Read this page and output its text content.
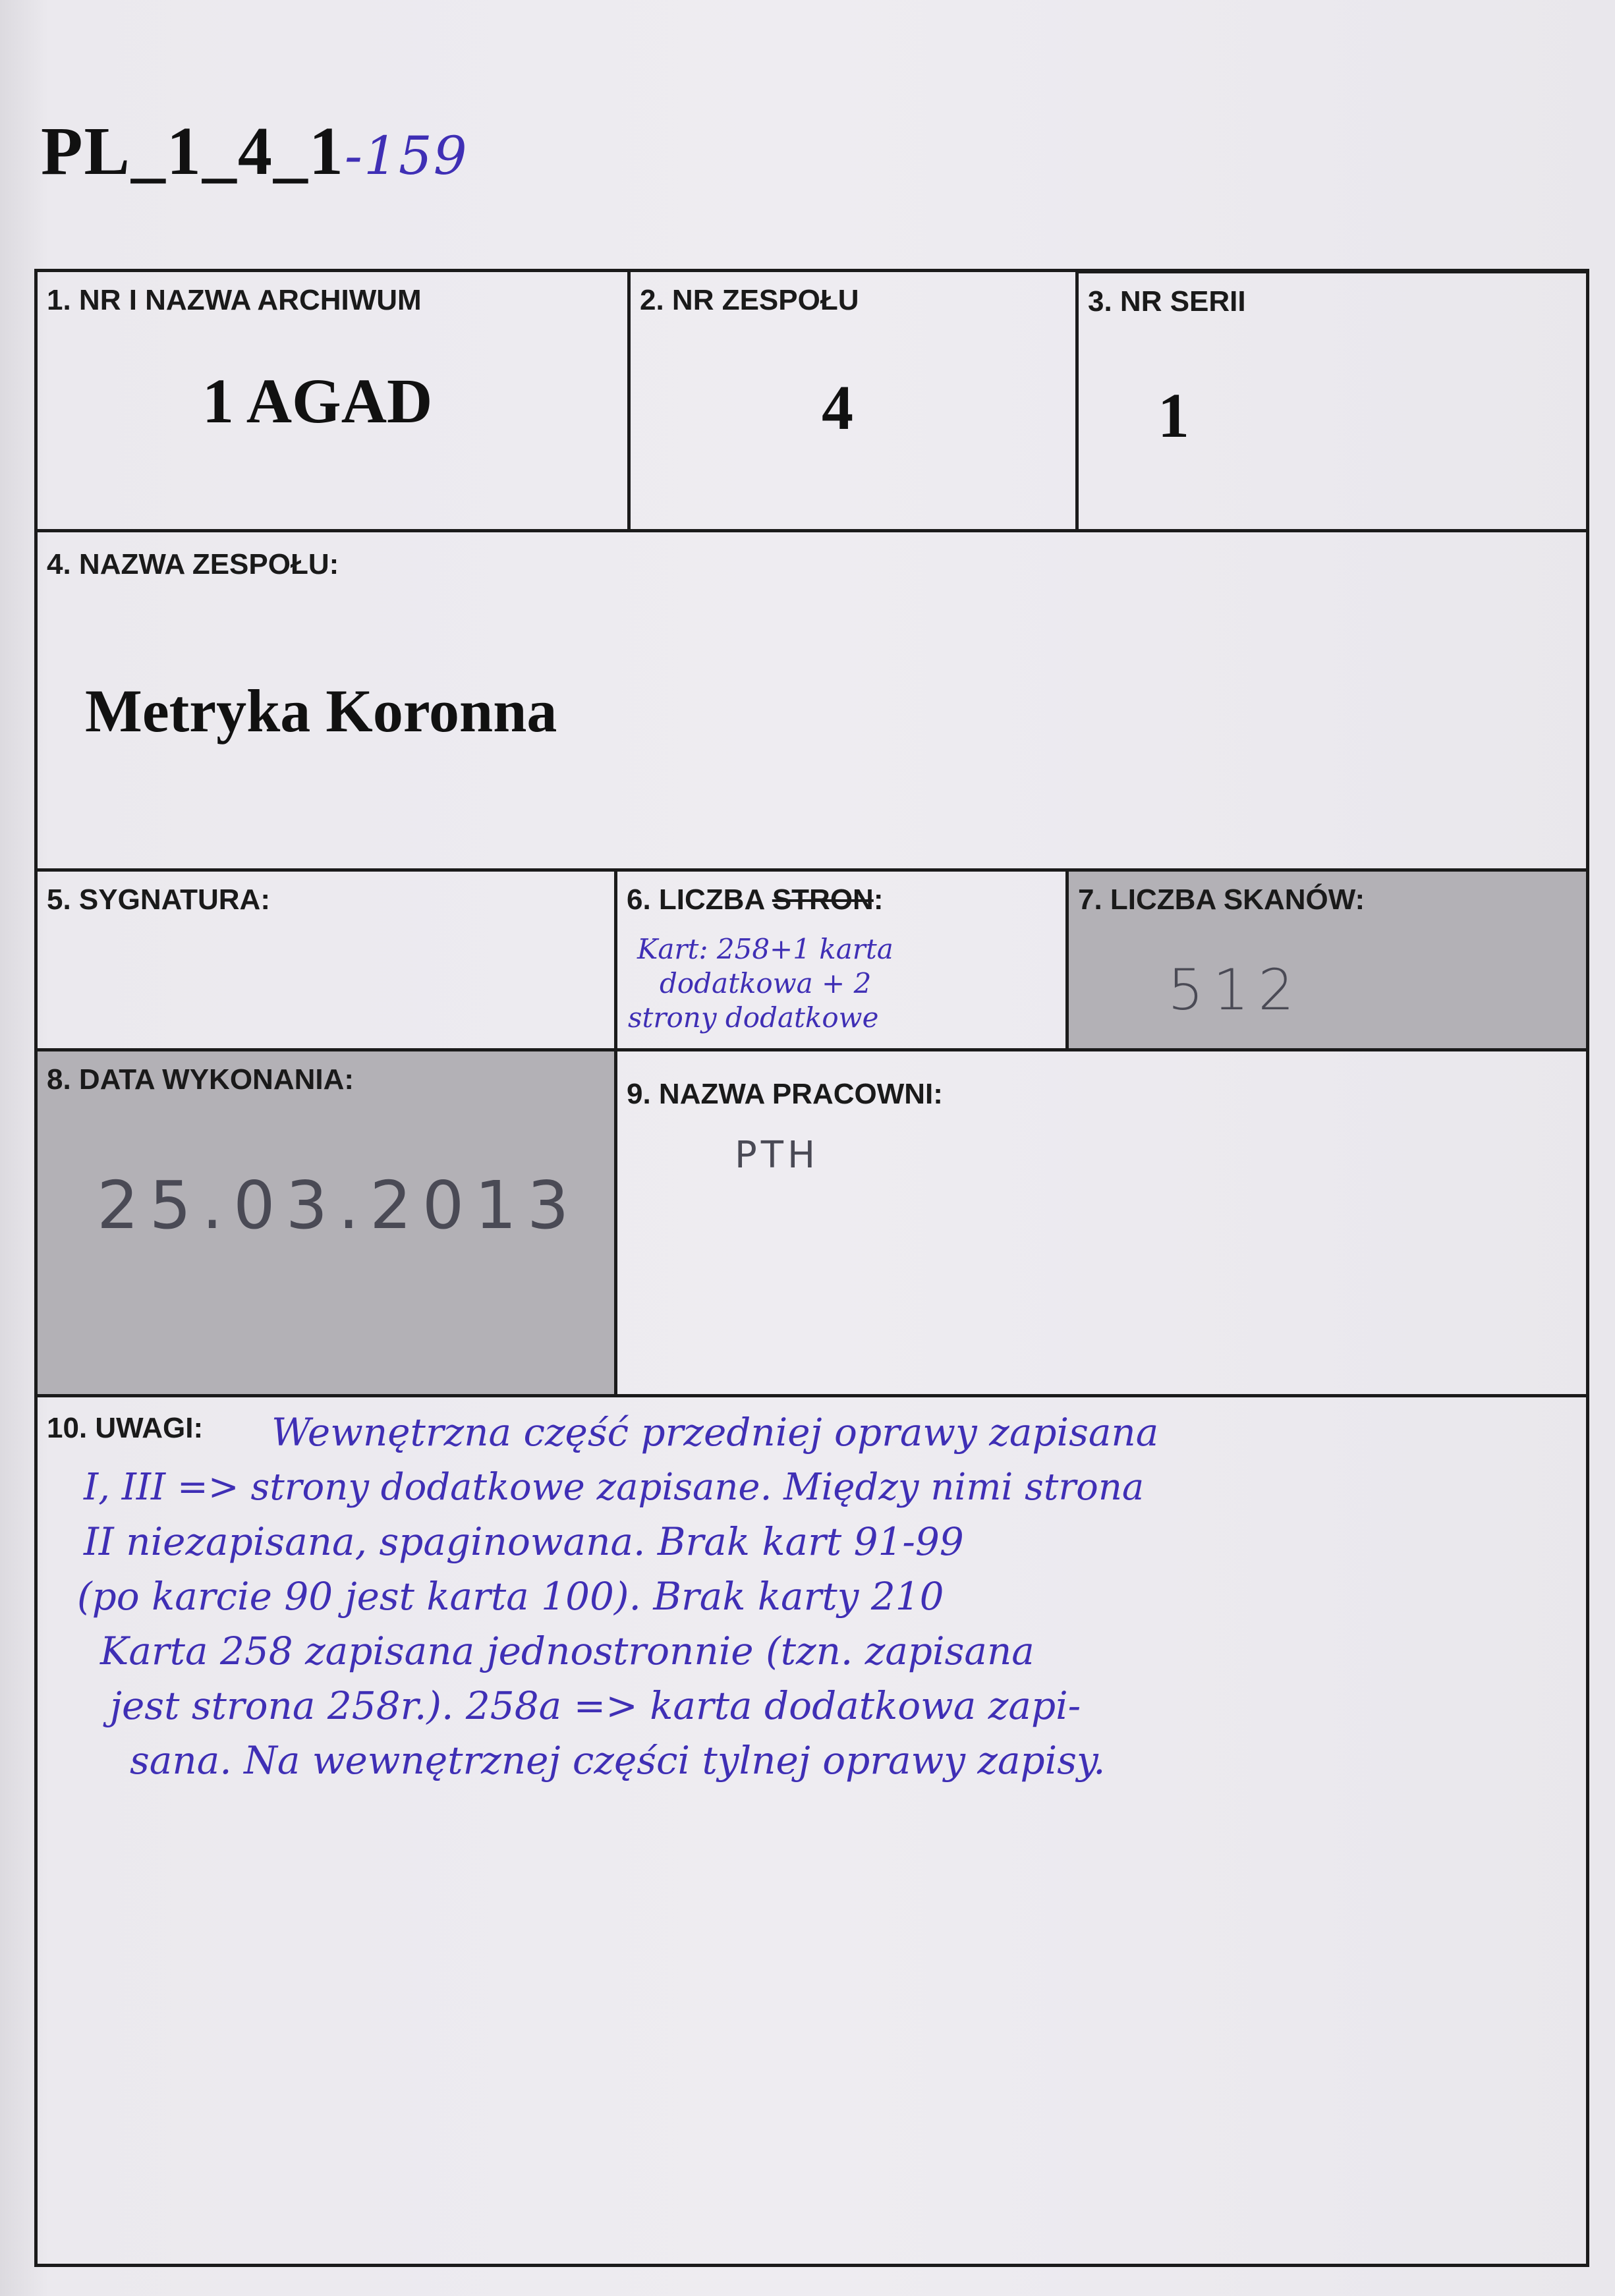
PL_1_4_1-159
1. NR I NAZWA ARCHIWUM
1 AGAD
2. NR ZESPOŁU
4
3. NR SERII
1
4. NAZWA ZESPOŁU:
Metryka Koronna
5. SYGNATURA:	6. LICZBA STRON:
Kart: 258+1 karta
dodatkowa + 2
strony dodatkowe
7. LICZBA SKANÓW:
512
8. DATA WYKONANIA:
25.03.2013
9. NAZWA PRACOWNI:
PTH
10. UWAGI:	Wewnętrzna część przedniej oprawy zapisana
I, III => strony dodatkowe zapisane. Między nimi strona
II niezapisana, spaginowana. Brak kart 91-99
(po karcie 90 jest karta 100). Brak karty 210
Karta 258 zapisana jednostronnie (tzn. zapisana
jest strona 258r.). 258a => karta dodatkowa zapi-
sana. Na wewnętrznej części tylnej oprawy zapisy.
